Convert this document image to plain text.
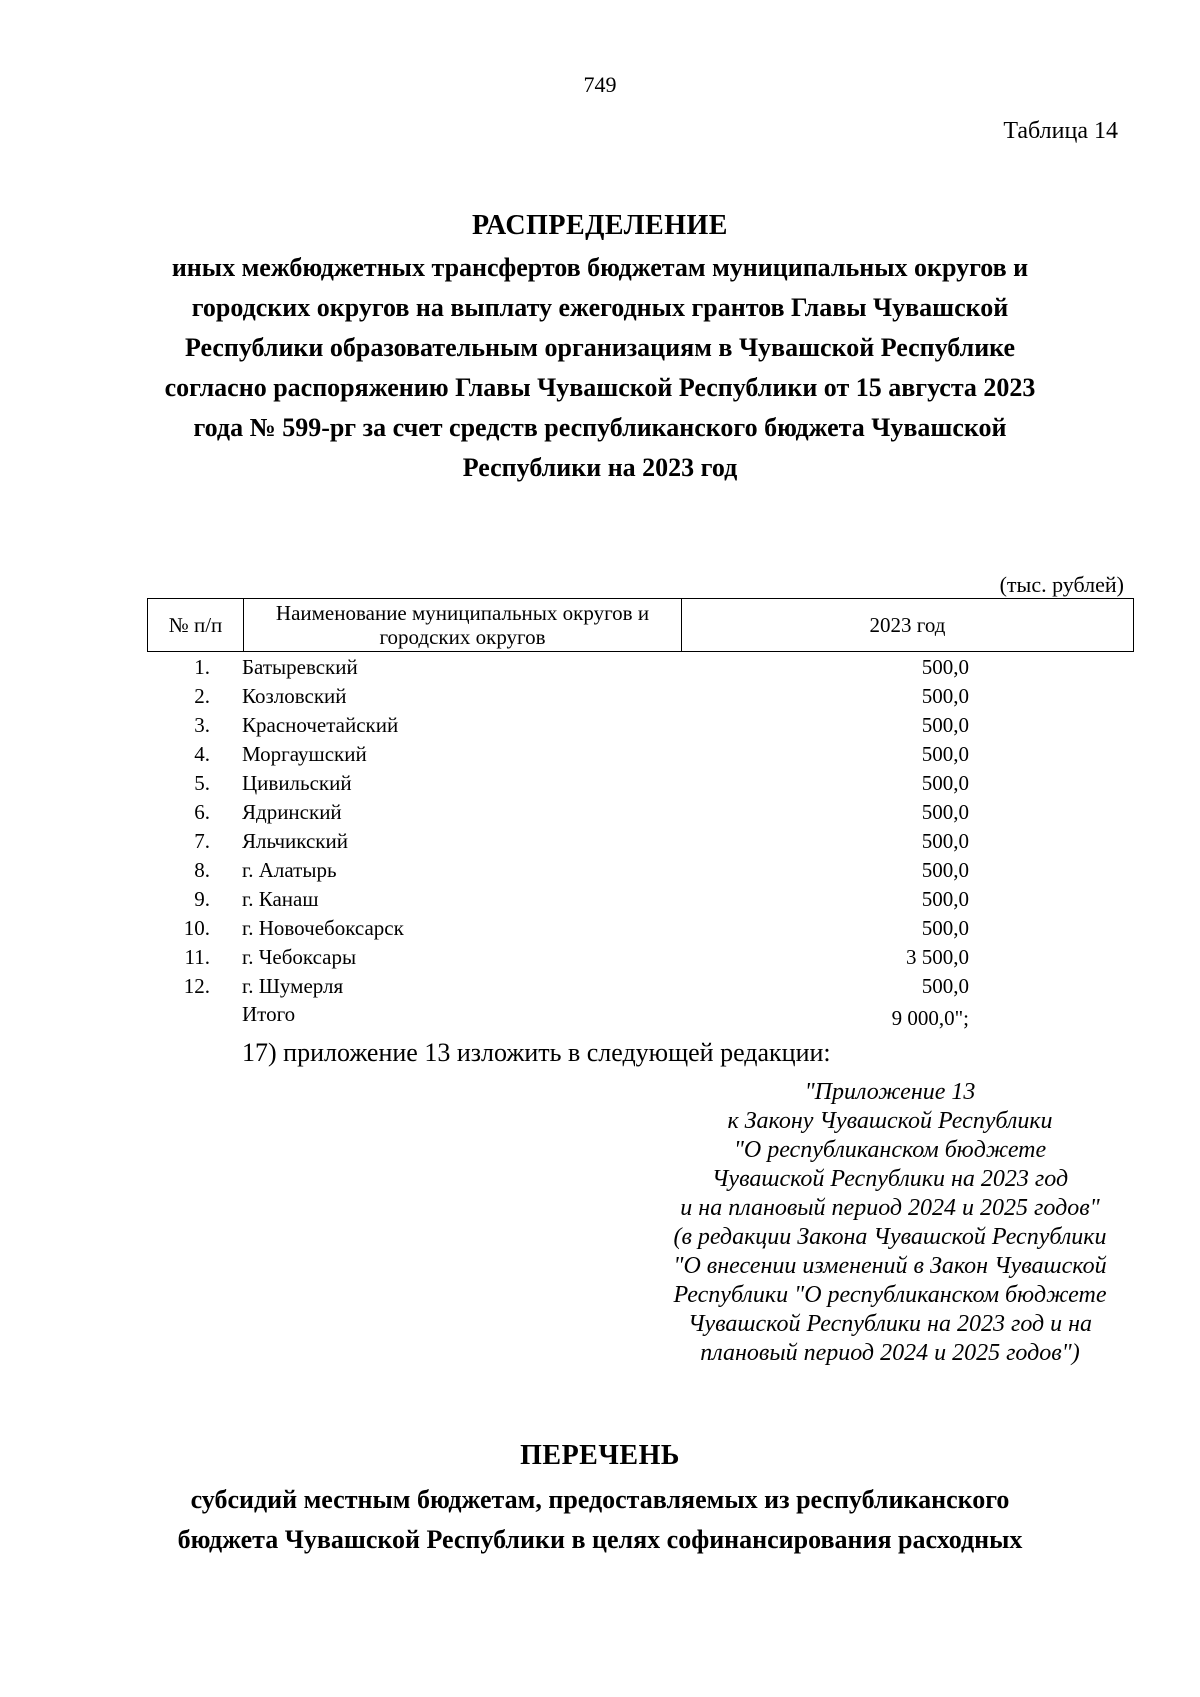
749
Таблица 14
РАСПРЕДЕЛЕНИЕ
иных межбюджетных трансфертов бюджетам муниципальных округов и городских округов на выплату ежегодных грантов Главы Чувашской Республики образовательным организациям в Чувашской Республике согласно распоряжению Главы Чувашской Республики от 15 августа 2023 года № 599-рг за счет средств республиканского бюджета Чувашской Республики на 2023 год
(тыс. рублей)
№ п/п	Наименование муниципальных округов и городских округов	2023 год
1. Батыревский	500,0
2. Козловский	500,0
3. Красночетайский	500,0
4. Моргаушский	500,0
5. Цивильский	500,0
6. Ядринский	500,0
7. Яльчикский	500,0
8. г. Алатырь	500,0
9. г. Канаш	500,0
10. г. Новочебоксарск	500,0
11. г. Чебоксары	3 500,0
12. г. Шумерля	500,0
Итого	9 000,0";
17) приложение 13 изложить в следующей редакции:
"Приложение 13
к Закону Чувашской Республики
"О республиканском бюджете
Чувашской Республики на 2023 год
и на плановый период 2024 и 2025 годов"
(в редакции Закона Чувашской Республики
"О внесении изменений в Закон Чувашской
Республики "О республиканском бюджете
Чувашской Республики на 2023 год и на
плановый период 2024 и 2025 годов")
ПЕРЕЧЕНЬ
субсидий местным бюджетам, предоставляемых из республиканского
бюджета Чувашской Республики в целях софинансирования расходных
